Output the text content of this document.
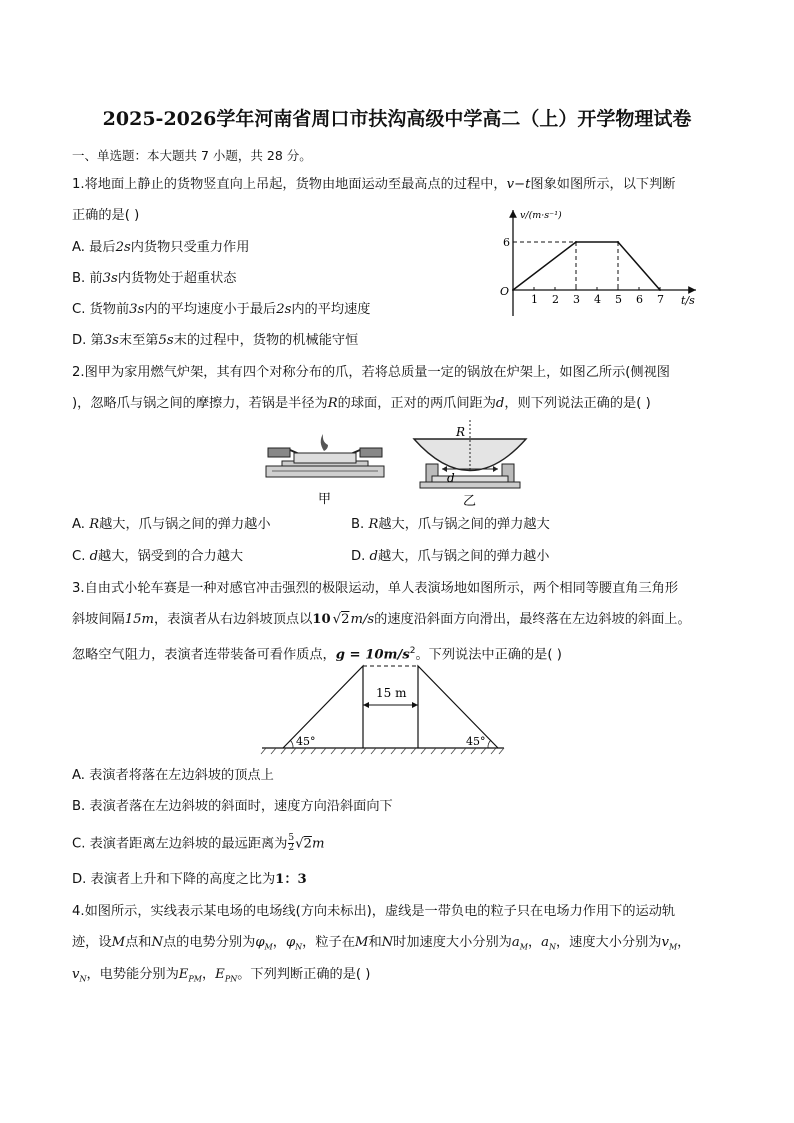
2025-2026学年河南省周口市扶沟高级中学高二（上）开学物理试卷
一、单选题：本大题共 7 小题，共 28 分。
1.将地面上静止的货物竖直向上吊起，货物由地面运动至最高点的过程中，v−t图象如图所示，以下判断
正确的是( )
A. 最后2s内货物只受重力作用
B. 前3s内货物处于超重状态
C. 货物前3s内的平均速度小于最后2s内的平均速度
D. 第3s末至第5s末的过程中，货物的机械能守恒
v/(m·s⁻¹)
t/s
O
1 2 3 4 5 6 7
6
2.图甲为家用燃气炉架，其有四个对称分布的爪，若将总质量一定的锅放在炉架上，如图乙所示(侧视图
)，忽略爪与锅之间的摩擦力，若锅是半径为R的球面，正对的两爪间距为d，则下列说法正确的是( )
甲
R
d
乙
A. R越大，爪与锅之间的弹力越小	B. R越大，爪与锅之间的弹力越大
C. d越大，锅受到的合力越大	D. d越大，爪与锅之间的弹力越小
3.自由式小轮车赛是一种对感官冲击强烈的极限运动，单人表演场地如图所示，两个相同等腰直角三角形
斜坡间隔15m，表演者从右边斜坡顶点以10 √2m/s的速度沿斜面方向滑出，最终落在左边斜坡的斜面上。
忽略空气阻力，表演者连带装备可看作质点，$g = 10m/s^2$。下列说法中正确的是( )
15 m
45°	45°
A. 表演者将落在左边斜坡的顶点上
B. 表演者落在左边斜坡的斜面时，速度方向沿斜面向下
C. 表演者距离左边斜坡的最远距离为 $\frac{5}{2} √2m$
D. 表演者上升和下降的高度之比为1：3
4.如图所示，实线表示某电场的电场线(方向未标出)，虚线是一带负电的粒子只在电场力作用下的运动轨
迹，设M点和N点的电势分别为$\varphi_M$，$\varphi_N$，粒子在M和N时加速度大小分别为$a_M$，$a_N$，速度大小分别为$v_M$，
$v_N$，电势能分别为$E_{PM}$，$E_{PN}$。下列判断正确的是( )
